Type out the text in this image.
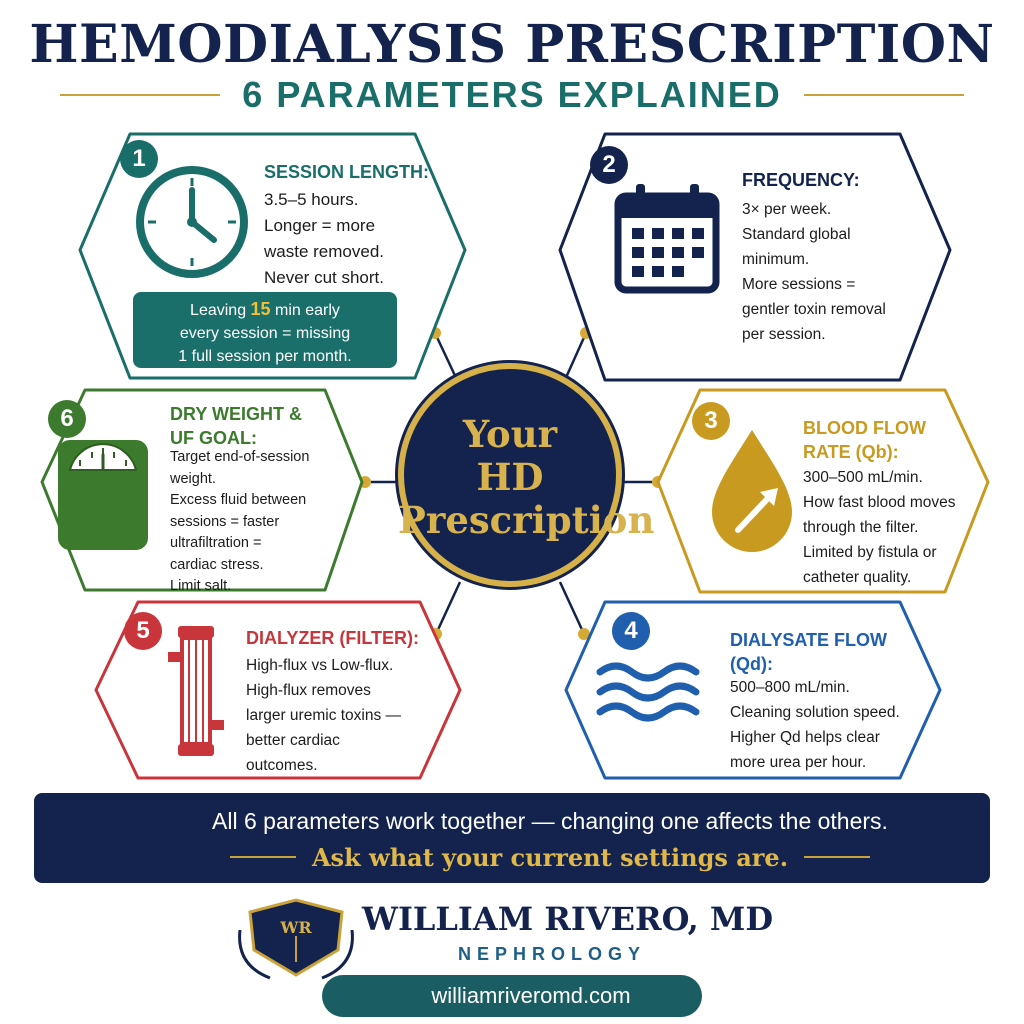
HEMODIALYSIS PRESCRIPTION
6 PARAMETERS EXPLAINED
1	2
3
4
5
6
SESSION LENGTH:

3.5–5 hours.

Longer = more

waste removed.

Never cut short.

Leaving 15 min early
every session = missing
1 full session per month.
FREQUENCY:

3× per week.

Standard global

minimum.

More sessions =

gentler toxin removal

per session.

BLOOD FLOW
RATE (Qb):

300–500 mL/min.

How fast blood moves

through the filter.

Limited by fistula or

catheter quality.

DIALYSATE FLOW
(Qd):

500–800 mL/min.

Cleaning solution speed.

Higher Qd helps clear

more urea per hour.

DIALYZER (FILTER):

High-flux vs Low-flux.

High-flux removes

larger uremic toxins —

better cardiac

outcomes.

DRY WEIGHT &
UF GOAL:

Target end-of-session

weight.

Excess fluid between

sessions = faster

ultrafiltration =

cardiac stress.

Limit salt.

Your
HD
Prescription
All 6 parameters work together — changing one affects the others.
Ask what your current settings are.
WR WILLIAM RIVERO, MD
NEPHROLOGY
williamriveromd.com
